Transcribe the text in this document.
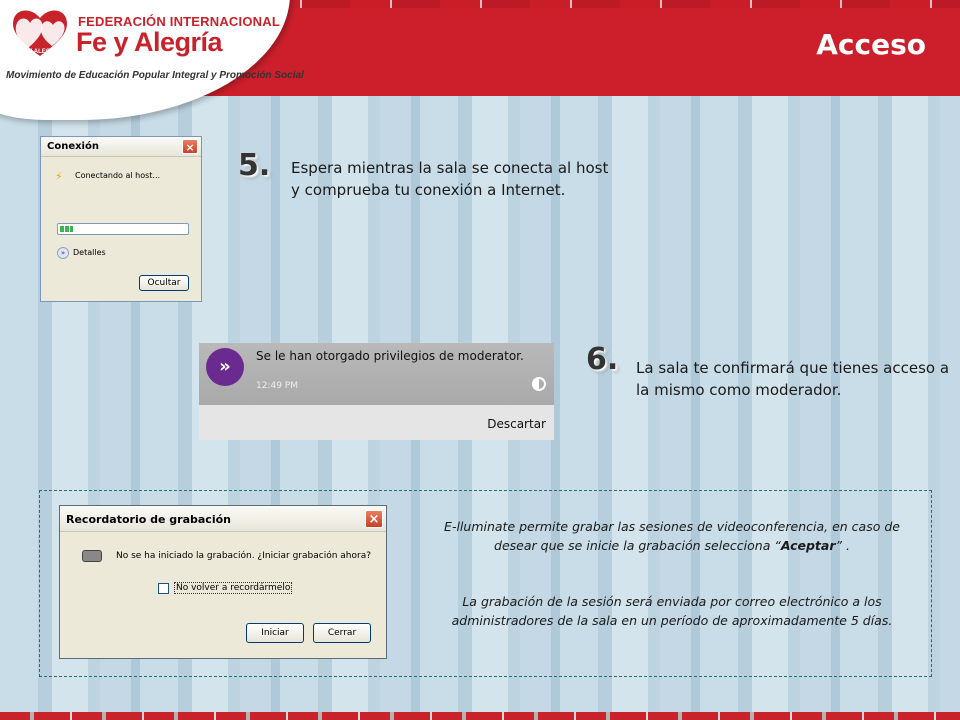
FE Y ALEGRÍA
FEDERACIÓN INTERNACIONAL
Fe y Alegría
Movimiento de Educación Popular Integral y Promoción Social
Acceso
Conexión	×
⚡ Conectando al host...
» Detalles
Ocultar
5. Espera mientras la sala se conecta al host y comprueba tu conexión a Internet.
»	Se le han otorgado privilegios de moderator.
12:49 PM
Descartar
6. La sala te confirmará que tienes acceso a la mismo como moderador.
Recordatorio de grabación	×
No se ha iniciado la grabación. ¿Iniciar grabación ahora?
No volver a recordármelo
Iniciar	Cerrar
E-lluminate permite grabar las sesiones de videoconferencia, en caso de desear que se inicie la grabación selecciona “Aceptar” .
La grabación de la sesión será enviada por correo electrónico a los administradores de la sala en un período de aproximadamente 5 días.
